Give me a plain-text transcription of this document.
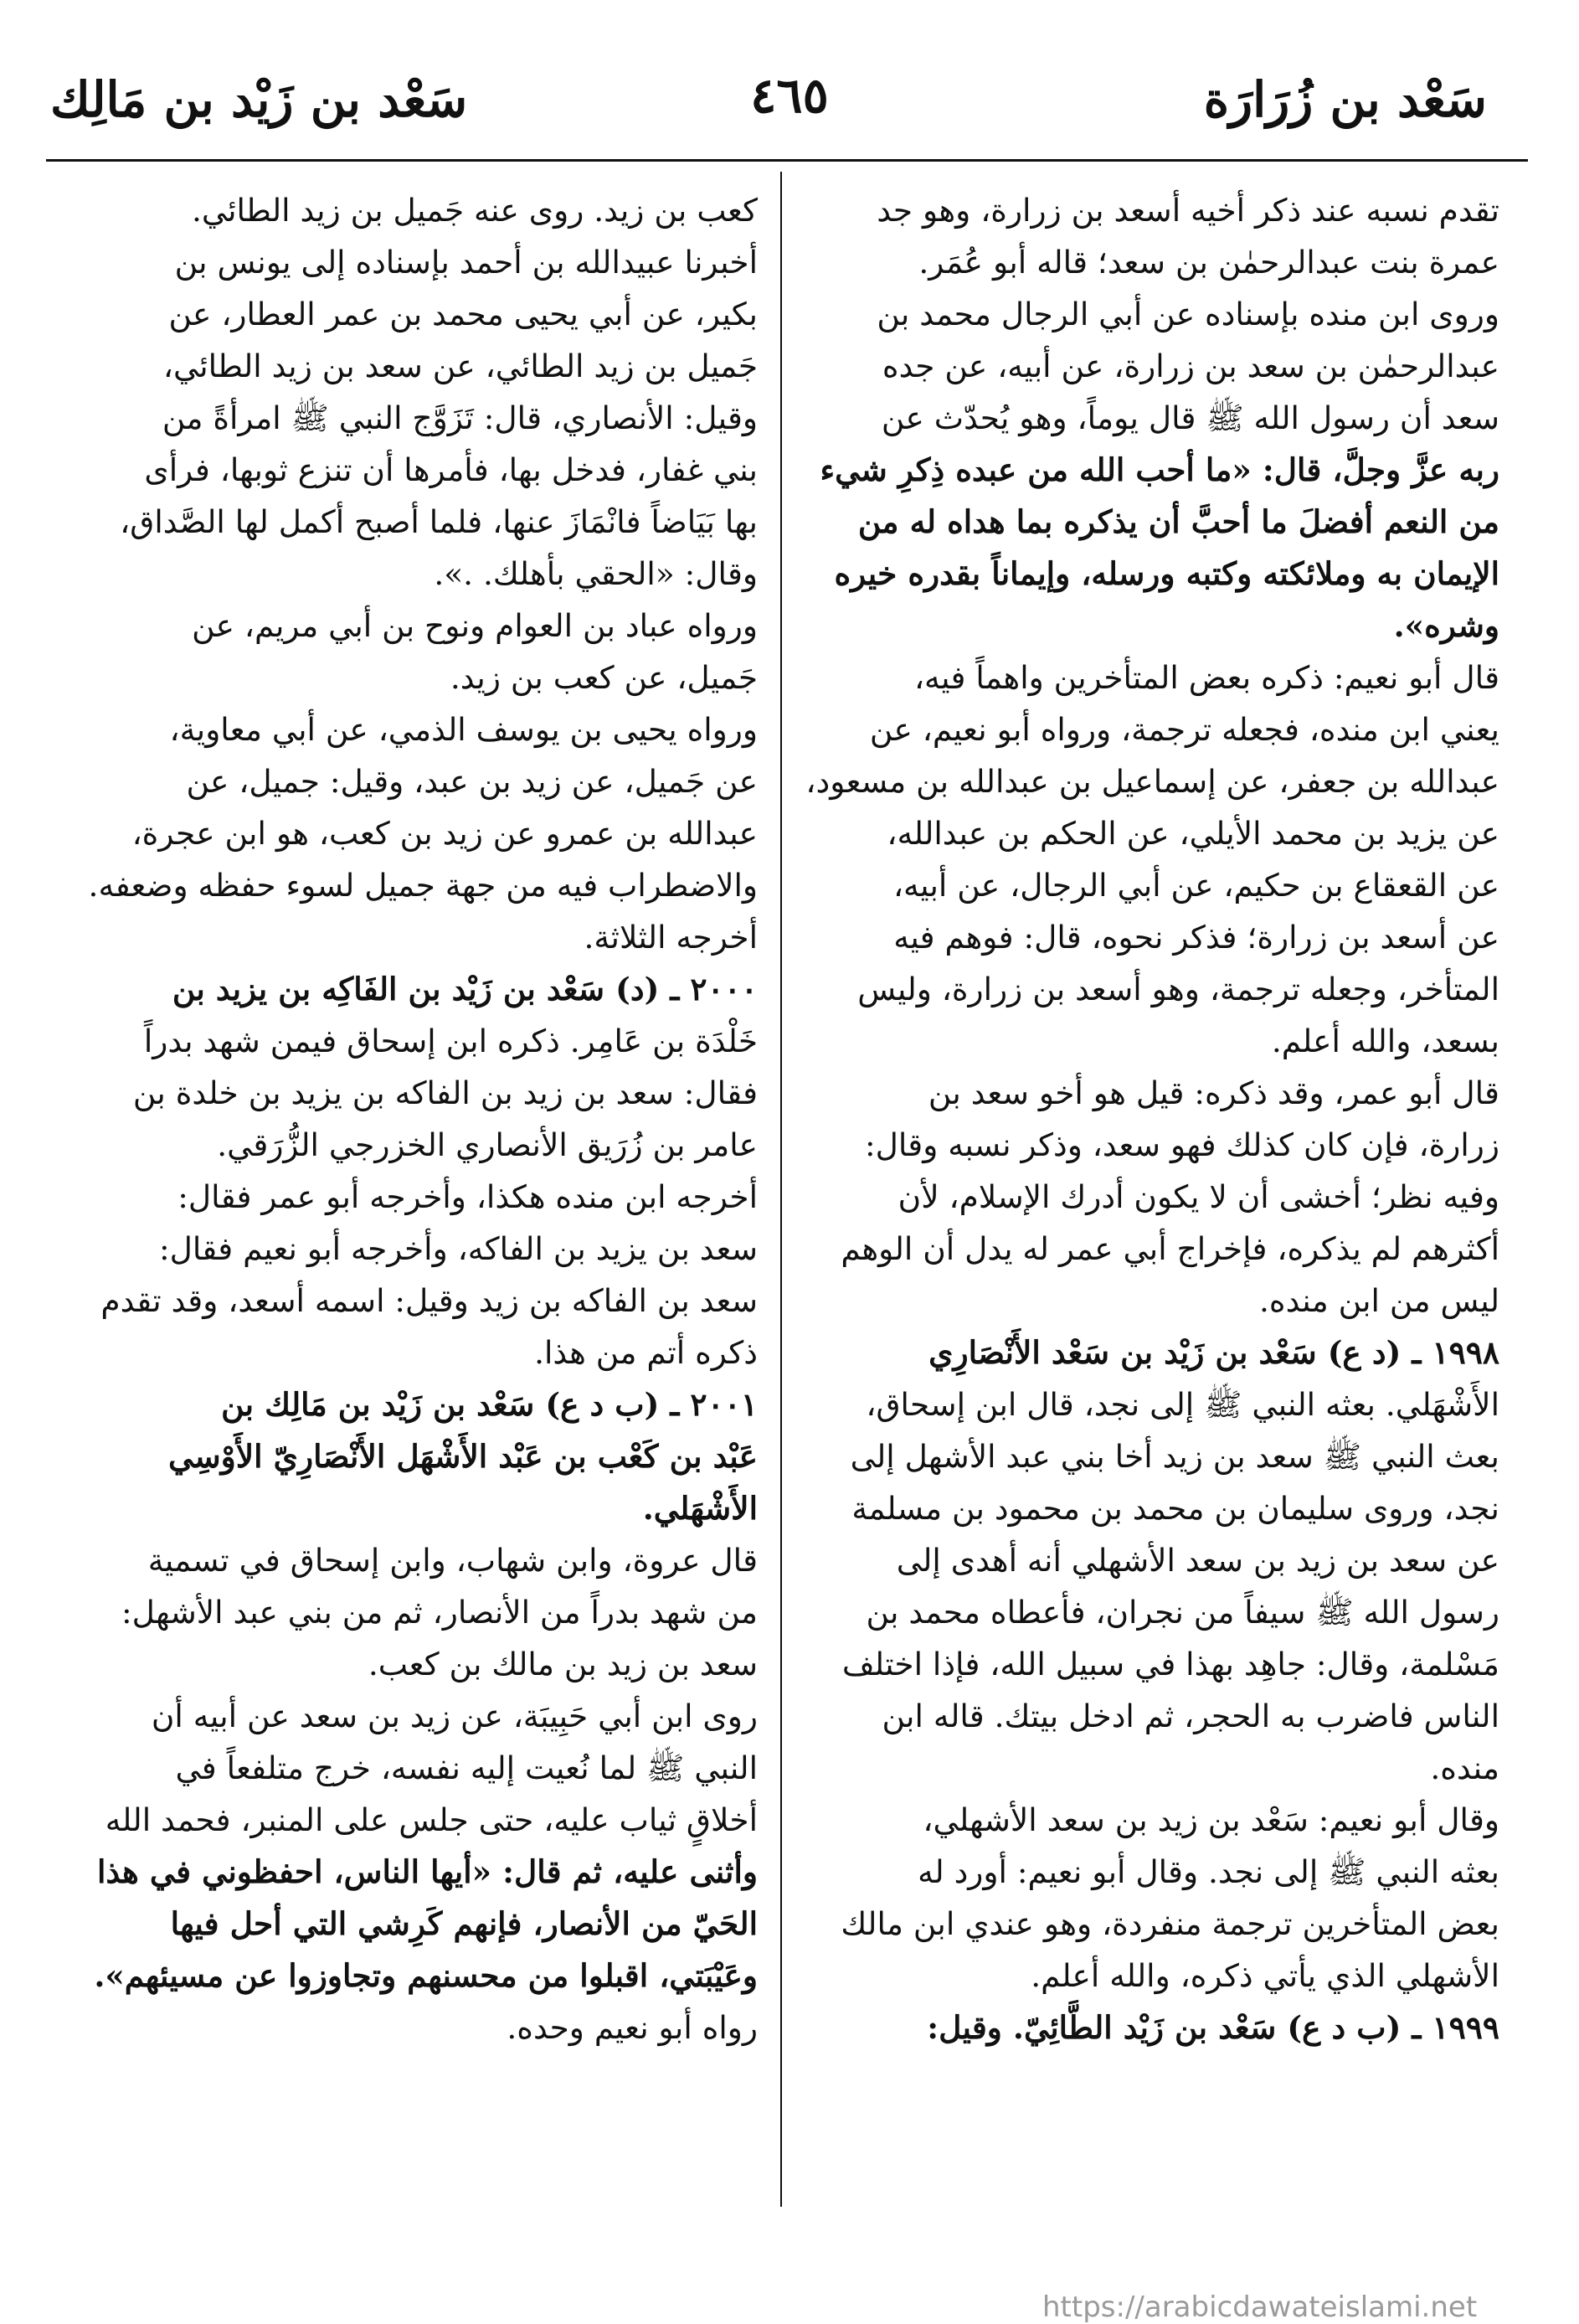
سَعْد بن زُرَارَة
٤٦٥
سَعْد بن زَيْد بن مَالِك

تقدم نسبه عند ذكر أخيه أسعد بن زرارة، وهو جد

عمرة بنت عبدالرحمٰن بن سعد؛ قاله أبو عُمَر.

وروى ابن منده بإسناده عن أبي الرجال محمد بن

عبدالرحمٰن بن سعد بن زرارة، عن أبيه، عن جده

سعد أن رسول الله ﷺ قال يوماً، وهو يُحدّث عن

ربه عزَّ وجلَّ، قال: «ما أحب الله من عبده ذِكرِ شيء

من النعم أفضلَ ما أحبَّ أن يذكره بما هداه له من

الإيمان به وملائكته وكتبه ورسله، وإيماناً بقدره خيره

وشره».

قال أبو نعيم: ذكره بعض المتأخرين واهماً فيه،

يعني ابن منده، فجعله ترجمة، ورواه أبو نعيم، عن

عبدالله بن جعفر، عن إسماعيل بن عبدالله بن مسعود،

عن يزيد بن محمد الأيلي، عن الحكم بن عبدالله،

عن القعقاع بن حكيم، عن أبي الرجال، عن أبيه،

عن أسعد بن زرارة؛ فذكر نحوه، قال: فوهم فيه

المتأخر، وجعله ترجمة، وهو أسعد بن زرارة، وليس

بسعد، والله أعلم.

قال أبو عمر، وقد ذكره: قيل هو أخو سعد بن

زرارة، فإن كان كذلك فهو سعد، وذكر نسبه وقال:

وفيه نظر؛ أخشى أن لا يكون أدرك الإسلام، لأن

أكثرهم لم يذكره، فإخراج أبي عمر له يدل أن الوهم

ليس من ابن منده.

١٩٩٨ ـ (د ع) سَعْد بن زَيْد بن سَعْد الأَنْصَارِي

الأَشْهَلي. بعثه النبي ﷺ إلى نجد، قال ابن إسحاق،

بعث النبي ﷺ سعد بن زيد أخا بني عبد الأشهل إلى

نجد، وروى سليمان بن محمد بن محمود بن مسلمة

عن سعد بن زيد بن سعد الأشهلي أنه أهدى إلى

رسول الله ﷺ سيفاً من نجران، فأعطاه محمد بن

مَسْلمة، وقال: جاهِد بهذا في سبيل الله، فإذا اختلف

الناس فاضرب به الحجر، ثم ادخل بيتك. قاله ابن

منده.

وقال أبو نعيم: سَعْد بن زيد بن سعد الأشهلي،

بعثه النبي ﷺ إلى نجد. وقال أبو نعيم: أورد له

بعض المتأخرين ترجمة منفردة، وهو عندي ابن مالك

الأشهلي الذي يأتي ذكره، والله أعلم.

١٩٩٩ ـ (ب د ع) سَعْد بن زَيْد الطَّائِيّ. وقيل:

كعب بن زيد. روى عنه جَميل بن زيد الطائي.

أخبرنا عبيدالله بن أحمد بإسناده إلى يونس بن

بكير، عن أبي يحيى محمد بن عمر العطار، عن

جَميل بن زيد الطائي، عن سعد بن زيد الطائي،

وقيل: الأنصاري، قال: تَزَوَّج النبي ﷺ امرأةً من

بني غفار، فدخل بها، فأمرها أن تنزع ثوبها، فرأى

بها بَيَاضاً فانْمَازَ عنها، فلما أصبح أكمل لها الصَّداق،

وقال: «الحقي بأهلك. .».

ورواه عباد بن العوام ونوح بن أبي مريم، عن

جَميل، عن كعب بن زيد.

ورواه يحيى بن يوسف الذمي، عن أبي معاوية،

عن جَميل، عن زيد بن عبد، وقيل: جميل، عن

عبدالله بن عمرو عن زيد بن كعب، هو ابن عجرة،

والاضطراب فيه من جهة جميل لسوء حفظه وضعفه.

أخرجه الثلاثة.

٢٠٠٠ ـ (د) سَعْد بن زَيْد بن الفَاكِه بن يزيد بن

خَلْدَة بن عَامِر. ذكره ابن إسحاق فيمن شهد بدراً

فقال: سعد بن زيد بن الفاكه بن يزيد بن خلدة بن

عامر بن زُرَيق الأنصاري الخزرجي الزُّرَقي.

أخرجه ابن منده هكذا، وأخرجه أبو عمر فقال:

سعد بن يزيد بن الفاكه، وأخرجه أبو نعيم فقال:

سعد بن الفاكه بن زيد وقيل: اسمه أسعد، وقد تقدم

ذكره أتم من هذا.

٢٠٠١ ـ (ب د ع) سَعْد بن زَيْد بن مَالِك بن

عَبْد بن كَعْب بن عَبْد الأَشْهَل الأَنْصَارِيّ الأَوْسِي

الأَشْهَلي.

قال عروة، وابن شهاب، وابن إسحاق في تسمية

من شهد بدراً من الأنصار، ثم من بني عبد الأشهل:

سعد بن زيد بن مالك بن كعب.

روى ابن أبي حَبِيبَة، عن زيد بن سعد عن أبيه أن

النبي ﷺ لما نُعيت إليه نفسه، خرج متلفعاً في

أخلاقٍ ثياب عليه، حتى جلس على المنبر، فحمد الله

وأثنى عليه، ثم قال: «أيها الناس، احفظوني في هذا

الحَيّ من الأنصار، فإنهم كَرِشي التي أحل فيها

وعَيْبَتي، اقبلوا من محسنهم وتجاوزوا عن مسيئهم».

رواه أبو نعيم وحده.

https://arabicdawateislami.net
